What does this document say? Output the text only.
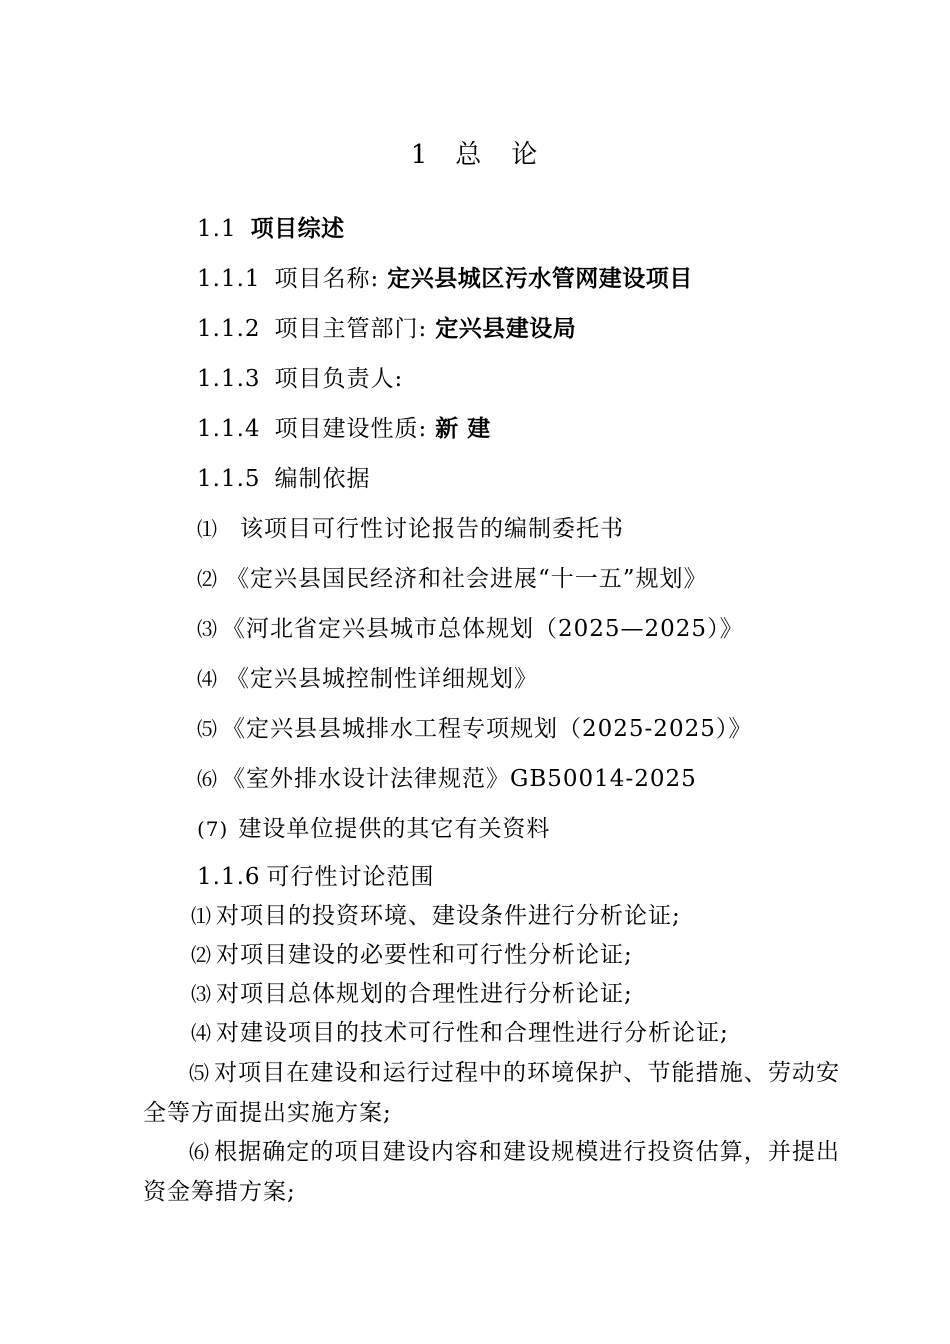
1 总　论
1.1 项目综述
1.1.1 项目名称: 定兴县城区污水管网建设项目
1.1.2 项目主管部门: 定兴县建设局
1.1.3 项目负责人:
1.1.4 项目建设性质: 新 建
1.1.5 编制依据
⑴ 该项目可行性讨论报告的编制委托书
⑵ 《定兴县国民经济和社会进展“十一五”规划》
⑶ 《河北省定兴县城市总体规划（2025—2025）》
⑷ 《定兴县城控制性详细规划》
⑸ 《定兴县县城排水工程专项规划（2025-2025）》
⑹ 《室外排水设计法律规范》GB50014-2025
(7) 建设单位提供的其它有关资料
1.1.6 可行性讨论范围
⑴ 对项目的投资环境、建设条件进行分析论证;
⑵ 对项目建设的必要性和可行性分析论证;
⑶ 对项目总体规划的合理性进行分析论证;
⑷ 对建设项目的技术可行性和合理性进行分析论证;
⑸ 对项目在建设和运行过程中的环境保护、节能措施、劳动安全等方面提出实施方案;
⑹ 根据确定的项目建设内容和建设规模进行投资估算，并提出资金筹措方案;
